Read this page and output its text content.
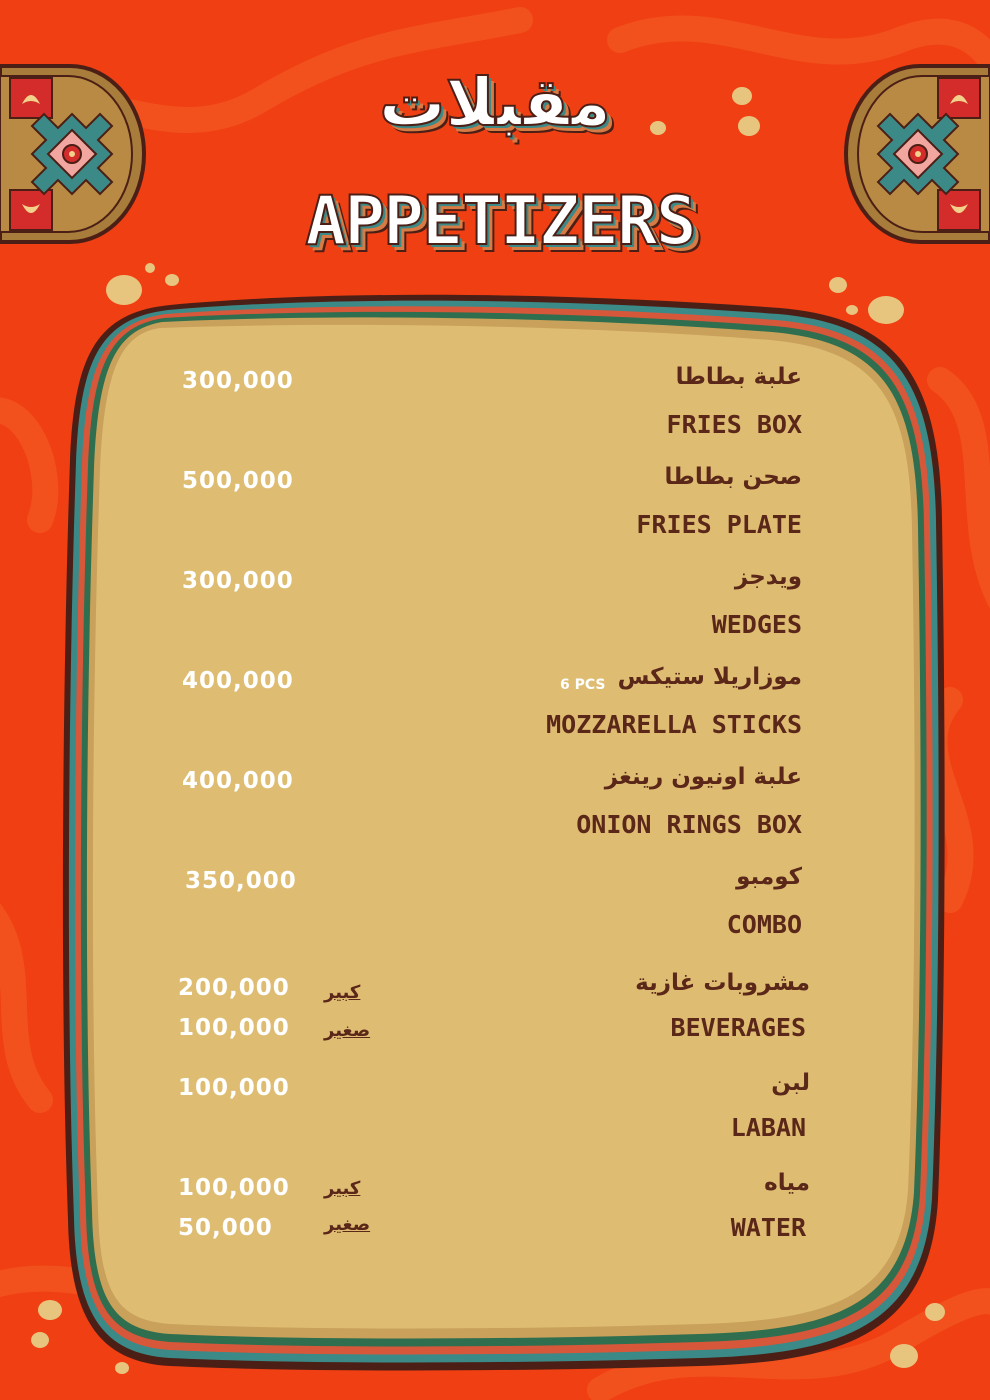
مقبلات
APPETIZERS
علبة بطاطا
FRIES BOX
300,000
صحن بطاطا
FRIES PLATE
500,000
ويدجز
WEDGES
300,000
موزاريلا ستيكس
6 PCS
MOZZARELLA STICKS
400,000
علبة اونيون رينغز
ONION RINGS BOX
400,000
كومبو
COMBO
350,000
مشروبات غازية
BEVERAGES
كبير
200,000
صغير
100,000
لبن
LABAN
100,000
مياه
WATER
كبير
100,000
صغير
50,000
